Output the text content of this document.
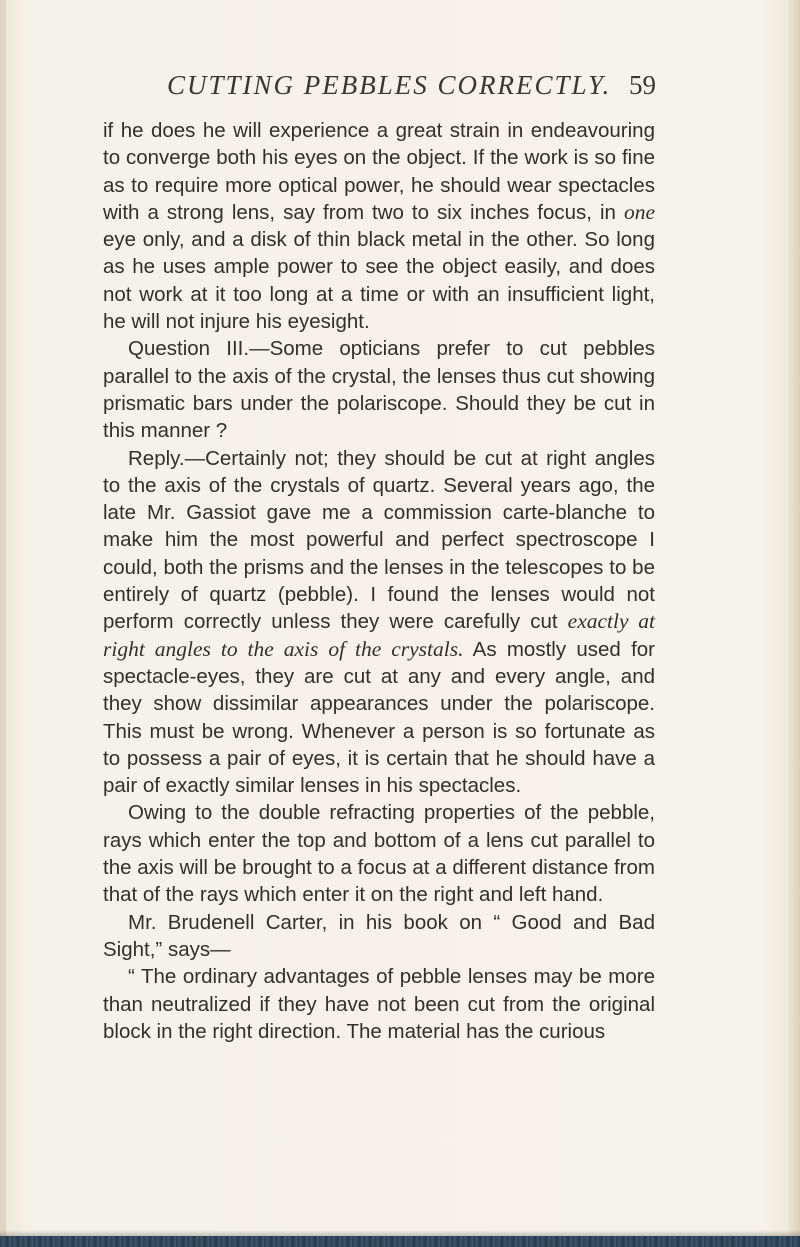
CUTTING PEBBLES CORRECTLY. 59

if he does he will experience a great strain in endeavouring to converge both his eyes on the object. If the work is so fine as to require more optical power, he should wear spectacles with a strong lens, say from two to six inches focus, in one eye only, and a disk of thin black metal in the other. So long as he uses ample power to see the object easily, and does not work at it too long at a time or with an insufficient light, he will not injure his eyesight.

Question III.—Some opticians prefer to cut pebbles parallel to the axis of the crystal, the lenses thus cut showing prismatic bars under the polariscope. Should they be cut in this manner ?

Reply.—Certainly not; they should be cut at right angles to the axis of the crystals of quartz. Several years ago, the late Mr. Gassiot gave me a commission carte-blanche to make him the most powerful and perfect spectroscope I could, both the prisms and the lenses in the telescopes to be entirely of quartz (pebble). I found the lenses would not perform correctly unless they were carefully cut exactly at right angles to the axis of the crystals. As mostly used for spectacle-eyes, they are cut at any and every angle, and they show dissimilar appearances under the polariscope. This must be wrong. Whenever a person is so fortunate as to possess a pair of eyes, it is certain that he should have a pair of exactly similar lenses in his spectacles.

Owing to the double refracting properties of the pebble, rays which enter the top and bottom of a lens cut parallel to the axis will be brought to a focus at a different distance from that of the rays which enter it on the right and left hand.

Mr. Brudenell Carter, in his book on “ Good and Bad Sight,” says—

“ The ordinary advantages of pebble lenses may be more than neutralized if they have not been cut from the original block in the right direction. The material has the curious
